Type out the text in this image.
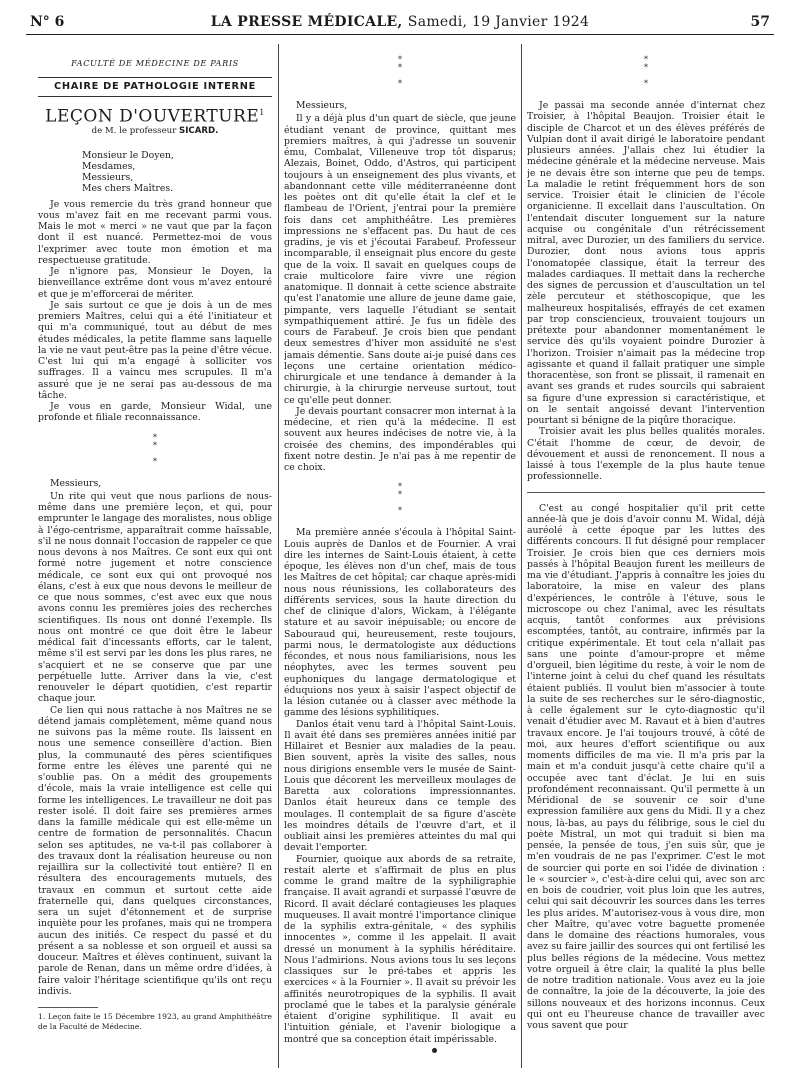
N° 6	LA PRESSE MÉDICALE, Samedi, 19 Janvier 1924	57
FACULTÉ DE MÉDECINE DE PARIS
CHAIRE DE PATHOLOGIE INTERNE
LEÇON D'OUVERTURE$^1$
de M. le professeur SICARD.

Monsieur le Doyen,

Mesdames,

Messieurs,

Mes chers Maîtres.

Je vous remercie du très grand honneur que vous m'avez fait en me recevant parmi vous. Mais le mot « merci » ne vaut que par la façon dont il est nuancé. Permettez-moi de vous l'exprimer avec toute mon émotion et ma respectueuse gratitude.

Je n'ignore pas, Monsieur le Doyen, la bienveillance extrême dont vous m'avez entouré et que je m'efforcerai de mériter.

Je sais surtout ce que je dois à un de mes premiers Maîtres, celui qui a été l'initiateur et qui m'a communiqué, tout au début de mes études médicales, la petite flamme sans laquelle la vie ne vaut peut-être pas la peine d'être vécue. C'est lui qui m'a engagé à solliciter vos suffrages. Il a vaincu mes scrupules. Il m'a assuré que je ne serai pas au-dessous de ma tâche.

Je vous en garde, Monsieur Widal, une profonde et filiale reconnaissance.

*
*
*

Messieurs,

Un rite qui veut que nous parlions de nous-même dans une première leçon, et qui, pour emprunter le langage des moralistes, nous oblige à l'égo-centrisme, apparaîtrait comme haïssable, s'il ne nous donnait l'occasion de rappeler ce que nous devons à nos Maîtres. Ce sont eux qui ont formé notre jugement et notre conscience médicale, ce sont eux qui ont provoqué nos élans, c'est à eux que nous devons le meilleur de ce que nous sommes, c'est avec eux que nous avons connu les premières joies des recherches scientifiques. Ils nous ont donné l'exemple. Ils nous ont montré ce que doit être le labeur médical fait d'incessants efforts, car le talent, même s'il est servi par les dons les plus rares, ne s'acquiert et ne se conserve que par une perpétuelle lutte. Arriver dans la vie, c'est renouveler le départ quotidien, c'est repartir chaque jour.

Ce lien qui nous rattache à nos Maîtres ne se détend jamais complètement, même quand nous ne suivons pas la même route. Ils laissent en nous une semence conseillère d'action. Bien plus, la communauté des pères scientifiques forme entre les élèves une parenté qui ne s'oublie pas. On a médit des groupements d'école, mais la vraie intelligence est celle qui forme les intelligences. Le travailleur ne doit pas rester isolé. Il doit faire ses premières armes dans la famille médicale qui est elle-même un centre de formation de personnalités. Chacun selon ses aptitudes, ne va-t-il pas collaborer à des travaux dont la réalisation heureuse ou non rejaillira sur la collectivité tout entière? Il en résultera des encouragements mutuels, des travaux en commun et surtout cette aide fraternelle qui, dans quelques circonstances, sera un sujet d'étonnement et de surprise inquiète pour les profanes, mais qui ne trompera aucun des initiés. Ce respect du passé et du présent a sa noblesse et son orgueil et aussi sa douceur. Maîtres et élèves continuent, suivant la parole de Renan, dans un même ordre d'idées, à faire valoir l'héritage scientifique qu'ils ont reçu indivis.

1. Leçon faite le 15 Décembre 1923, au grand Amphithéâtre de la Faculté de Médecine.

*
*
*

Messieurs,

Il y a déjà plus d'un quart de siècle, que jeune étudiant venant de province, quittant mes premiers maîtres, à qui j'adresse un souvenir ému, Combalat, Villeneuve trop tôt disparus; Alezais, Boinet, Oddo, d'Astros, qui participent toujours à un enseignement des plus vivants, et abandonnant cette ville méditerranéenne dont les poètes ont dit qu'elle était la clef et le flambeau de l'Orient, j'entrai pour la première fois dans cet amphithéâtre. Les premières impressions ne s'effacent pas. Du haut de ces gradins, je vis et j'écoutai Farabeuf. Professeur incomparable, il enseignait plus encore du geste que de la voix. Il savait en quelques coups de craie multicolore faire vivre une région anatomique. Il donnait à cette science abstraite qu'est l'anatomie une allure de jeune dame gaie, pimpante, vers laquelle l'étudiant se sentait sympathiquement attiré. Je fus un fidèle des cours de Farabeuf. Je crois bien que pendant deux semestres d'hiver mon assiduité ne s'est jamais démentie. Sans doute ai-je puisé dans ces leçons une certaine orientation médico-chirurgicale et une tendance à demander à la chirurgie, à la chirurgie nerveuse surtout, tout ce qu'elle peut donner.

Je devais pourtant consacrer mon internat à la médecine, et rien qu'à la médecine. Il est souvent aux heures indécises de notre vie, à la croisée des chemins, des impondérables qui fixent notre destin. Je n'ai pas à me repentir de ce choix.

*
*
*

Ma première année s'écoula à l'hôpital Saint-Louis auprès de Danlos et de Fournier. A vrai dire les internes de Saint-Louis étaient, à cette époque, les élèves non d'un chef, mais de tous les Maîtres de cet hôpital; car chaque après-midi nous nous réunissions, les collaborateurs des différents services, sous la haute direction du chef de clinique d'alors, Wickam, à l'élégante stature et au savoir inépuisable; ou encore de Sabouraud qui, heureusement, reste toujours, parmi nous, le dermatologiste aux déductions fécondes, et nous nous familiarisions, nous les néophytes, avec les termes souvent peu euphoniques du langage dermatologique et éduquions nos yeux à saisir l'aspect objectif de la lésion cutanée ou à classer avec méthode la gamme des lésions syphilitiques.

Danlos était venu tard à l'hôpital Saint-Louis. Il avait été dans ses premières années initié par Hillairet et Besnier aux maladies de la peau. Bien souvent, après la visite des salles, nous nous dirigions ensemble vers le musée de Saint-Louis que décorent les merveilleux moulages de Baretta aux colorations impressionnantes. Danlos était heureux dans ce temple des moulages. Il contemplait de sa figure d'ascète les moindres détails de l'œuvre d'art, et il oubliait ainsi les premières atteintes du mal qui devait l'emporter.

Fournier, quoique aux abords de sa retraite, restait alerte et s'affirmait de plus en plus comme le grand maître de la syphiligraphie française. Il avait agrandi et surpassé l'œuvre de Ricord. Il avait déclaré contagieuses les plaques muqueuses. Il avait montré l'importance clinique de la syphilis extra-génitale, « des syphilis innocentes », comme il les appelait. Il avait dressé un monument à la syphilis héréditaire. Nous l'admirions. Nous avions tous lu ses leçons classiques sur le pré-tabes et appris les exercices « à la Fournier ». Il avait su prévoir les affinités neurotropiques de la syphilis. Il avait proclamé que le tabes et la paralysie générale étaient d'origine syphilitique. Il avait eu l'intuition géniale, et l'avenir biologique a montré que sa conception était impérissable.

*
*
*

Je passai ma seconde année d'internat chez Troisier, à l'hôpital Beaujon. Troisier était le disciple de Charcot et un des élèves préférés de Vulpian dont il avait dirigé le laboratoire pendant plusieurs années. J'allais chez lui étudier la médecine générale et la médecine nerveuse. Mais je ne devais être son interne que peu de temps. La maladie le retint fréquemment hors de son service. Troisier était le clinicien de l'école organicienne. Il excellait dans l'auscultation. On l'entendait discuter longuement sur la nature acquise ou congénitale d'un rétrécissement mitral, avec Durozier, un des familiers du service. Durozier, dont nous avions tous appris l'onomatopée classique, était la terreur des malades cardiaques. Il mettait dans la recherche des signes de percussion et d'auscultation un tel zèle percuteur et stéthoscopique, que les malheureux hospitalisés, effrayés de cet examen par trop consciencieux, trouvaient toujours un prétexte pour abandonner momentanément le service dès qu'ils voyaient poindre Durozier à l'horizon. Troisier n'aimait pas la médecine trop agissante et quand il fallait pratiquer une simple thoracentèse, son front se plissait, il ramenait en avant ses grands et rudes sourcils qui sabraient sa figure d'une expression si caractéristique, et on le sentait angoissé devant l'intervention pourtant si bénigne de la piqûre thoracique.

Troisier avait les plus belles qualités morales. C'était l'homme de cœur, de devoir, de dévouement et aussi de renoncement. Il nous a laissé à tous l'exemple de la plus haute tenue professionnelle.

C'est au congé hospitalier qu'il prit cette année-là que je dois d'avoir connu M. Widal, déjà auréolé à cette époque par les luttes des différents concours. Il fut désigné pour remplacer Troisier. Je crois bien que ces derniers mois passés à l'hôpital Beaujon furent les meilleurs de ma vie d'étudiant. J'appris à connaître les joies du laboratoire, la mise en valeur des plans d'expériences, le contrôle à l'étuve, sous le microscope ou chez l'animal, avec les résultats acquis, tantôt conformes aux prévisions escomptées, tantôt, au contraire, infirmés par la critique expérimentale. Et tout cela n'allait pas sans une pointe d'amour-propre et même d'orgueil, bien légitime du reste, à voir le nom de l'interne joint à celui du chef quand les résultats étaient publiés. Il voulut bien m'associer à toute la suite de ses recherches sur le séro-diagnostic, à celle également sur le cyto-diagnostic qu'il venait d'étudier avec M. Ravaut et à bien d'autres travaux encore. Je l'ai toujours trouvé, à côté de moi, aux heures d'effort scientifique ou aux moments difficiles de ma vie. Il m'a pris par la main et m'a conduit jusqu'à cette chaire qu'il a occupée avec tant d'éclat. Je lui en suis profondément reconnaissant. Qu'il permette à un Méridional de se souvenir ce soir d'une expression familière aux gens du Midi. Il y a chez nous, là-bas, au pays du félibrige, sous le ciel du poète Mistral, un mot qui traduit si bien ma pensée, la pensée de tous, j'en suis sûr, que je m'en voudrais de ne pas l'exprimer. C'est le mot de sourcier qui porte en soi l'idée de divination : le « sourcier », c'est-à-dire celui qui, avec son arc en bois de coudrier, voit plus loin que les autres, celui qui sait découvrir les sources dans les terres les plus arides. M'autorisez-vous à vous dire, mon cher Maître, qu'avec votre baguette promenée dans le domaine des réactions humorales, vous avez su faire jaillir des sources qui ont fertilisé les plus belles régions de la médecine. Vous mettez votre orgueil à être clair, la qualité la plus belle de notre tradition nationale. Vous avez eu la joie de connaître, la joie de la découverte, la joie des sillons nouveaux et des horizons inconnus. Ceux qui ont eu l'heureuse chance de travailler avec vous savent que pour
